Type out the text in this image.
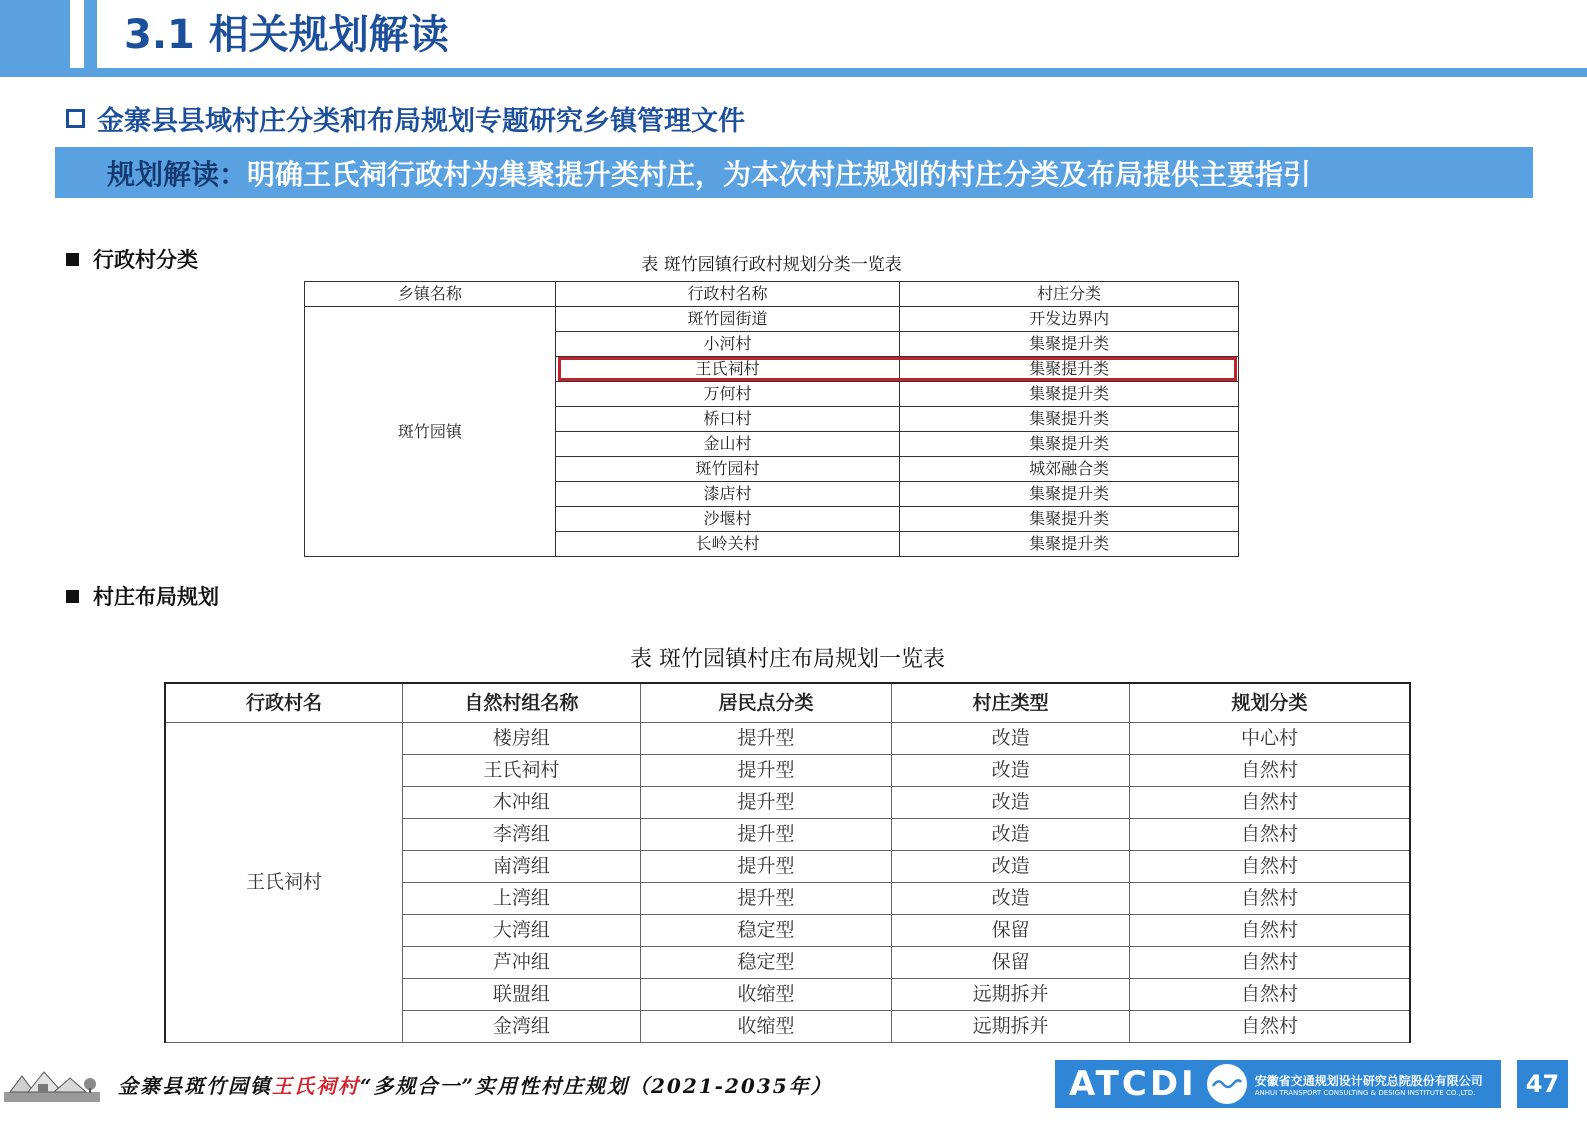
3.1 相关规划解读
金寨县县域村庄分类和布局规划专题研究乡镇管理文件
规划解读： 明确王氏祠行政村为集聚提升类村庄，为本次村庄规划的村庄分类及布局提供主要指引
行政村分类	表 斑竹园镇行政村规划分类一览表
乡镇名称	行政村名称	村庄分类
斑竹园镇	斑竹园街道	开发边界内
	小河村	集聚提升类
	王氏祠村	集聚提升类
	万何村	集聚提升类
	桥口村	集聚提升类
	金山村	集聚提升类
	斑竹园村	城郊融合类
	漆店村	集聚提升类
	沙堰村	集聚提升类
	长岭关村	集聚提升类
村庄布局规划
表 斑竹园镇村庄布局规划一览表
行政村名	自然村组名称	居民点分类	村庄类型	规划分类
王氏祠村	楼房组	提升型	改造	中心村
	王氏祠村	提升型	改造	自然村
	木冲组	提升型	改造	自然村
	李湾组	提升型	改造	自然村
	南湾组	提升型	改造	自然村
	上湾组	提升型	改造	自然村
	大湾组	稳定型	保留	自然村
	芦冲组	稳定型	保留	自然村
	联盟组	收缩型	远期拆并	自然村
	金湾组	收缩型	远期拆并	自然村
金寨县斑竹园镇王氏祠村“多规合一”实用性村庄规划（2021-2035年）	ATCDI	安徽省交通规划设计研究总院股份有限公司
ANHUI TRANSPORT CONSULTING & DESIGN INSTITUTE CO.,LTD.	47
